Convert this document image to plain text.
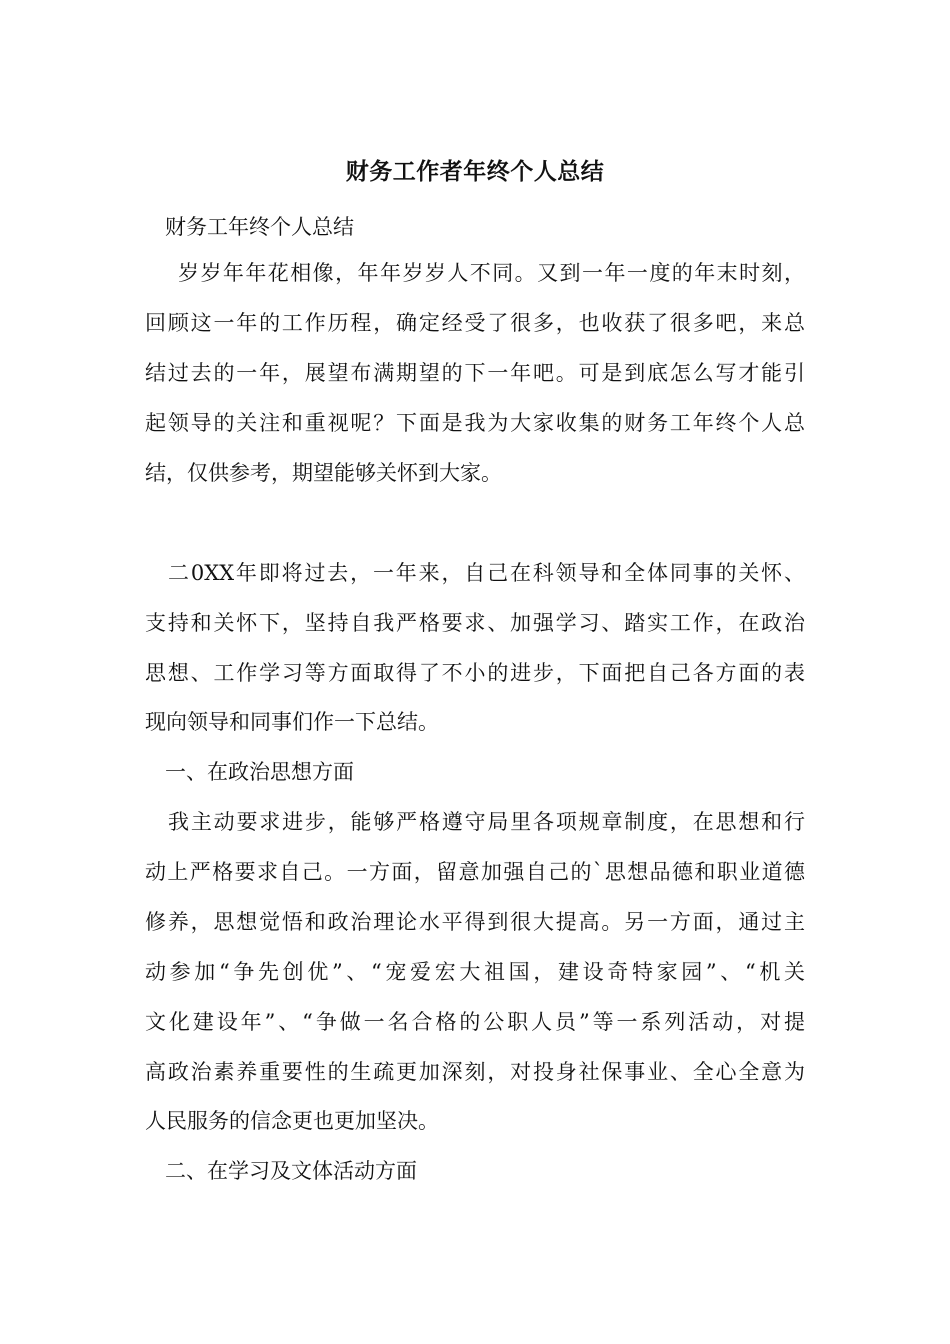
财务工作者年终个人总结

财务工年终个人总结

岁岁年年花相像，年年岁岁人不同。又到一年一度的年末时刻，

回顾这一年的工作历程，确定经受了很多，也收获了很多吧，来总

结过去的一年，展望布满期望的下一年吧。可是到底怎么写才能引

起领导的关注和重视呢？下面是我为大家收集的财务工年终个人总

结，仅供参考，期望能够关怀到大家。

二0XX年即将过去，一年来，自己在科领导和全体同事的关怀、

支持和关怀下，坚持自我严格要求、加强学习、踏实工作，在政治

思想、工作学习等方面取得了不小的进步，下面把自己各方面的表

现向领导和同事们作一下总结。

一、在政治思想方面

我主动要求进步，能够严格遵守局里各项规章制度，在思想和行

动上严格要求自己。一方面，留意加强自己的`思想品德和职业道德

修养，思想觉悟和政治理论水平得到很大提高。另一方面，通过主

动参加“争先创优”、“宠爱宏大祖国，建设奇特家园”、“机关

文化建设年”、“争做一名合格的公职人员”等一系列活动，对提

高政治素养重要性的生疏更加深刻，对投身社保事业、全心全意为

人民服务的信念更也更加坚决。

二、在学习及文体活动方面
